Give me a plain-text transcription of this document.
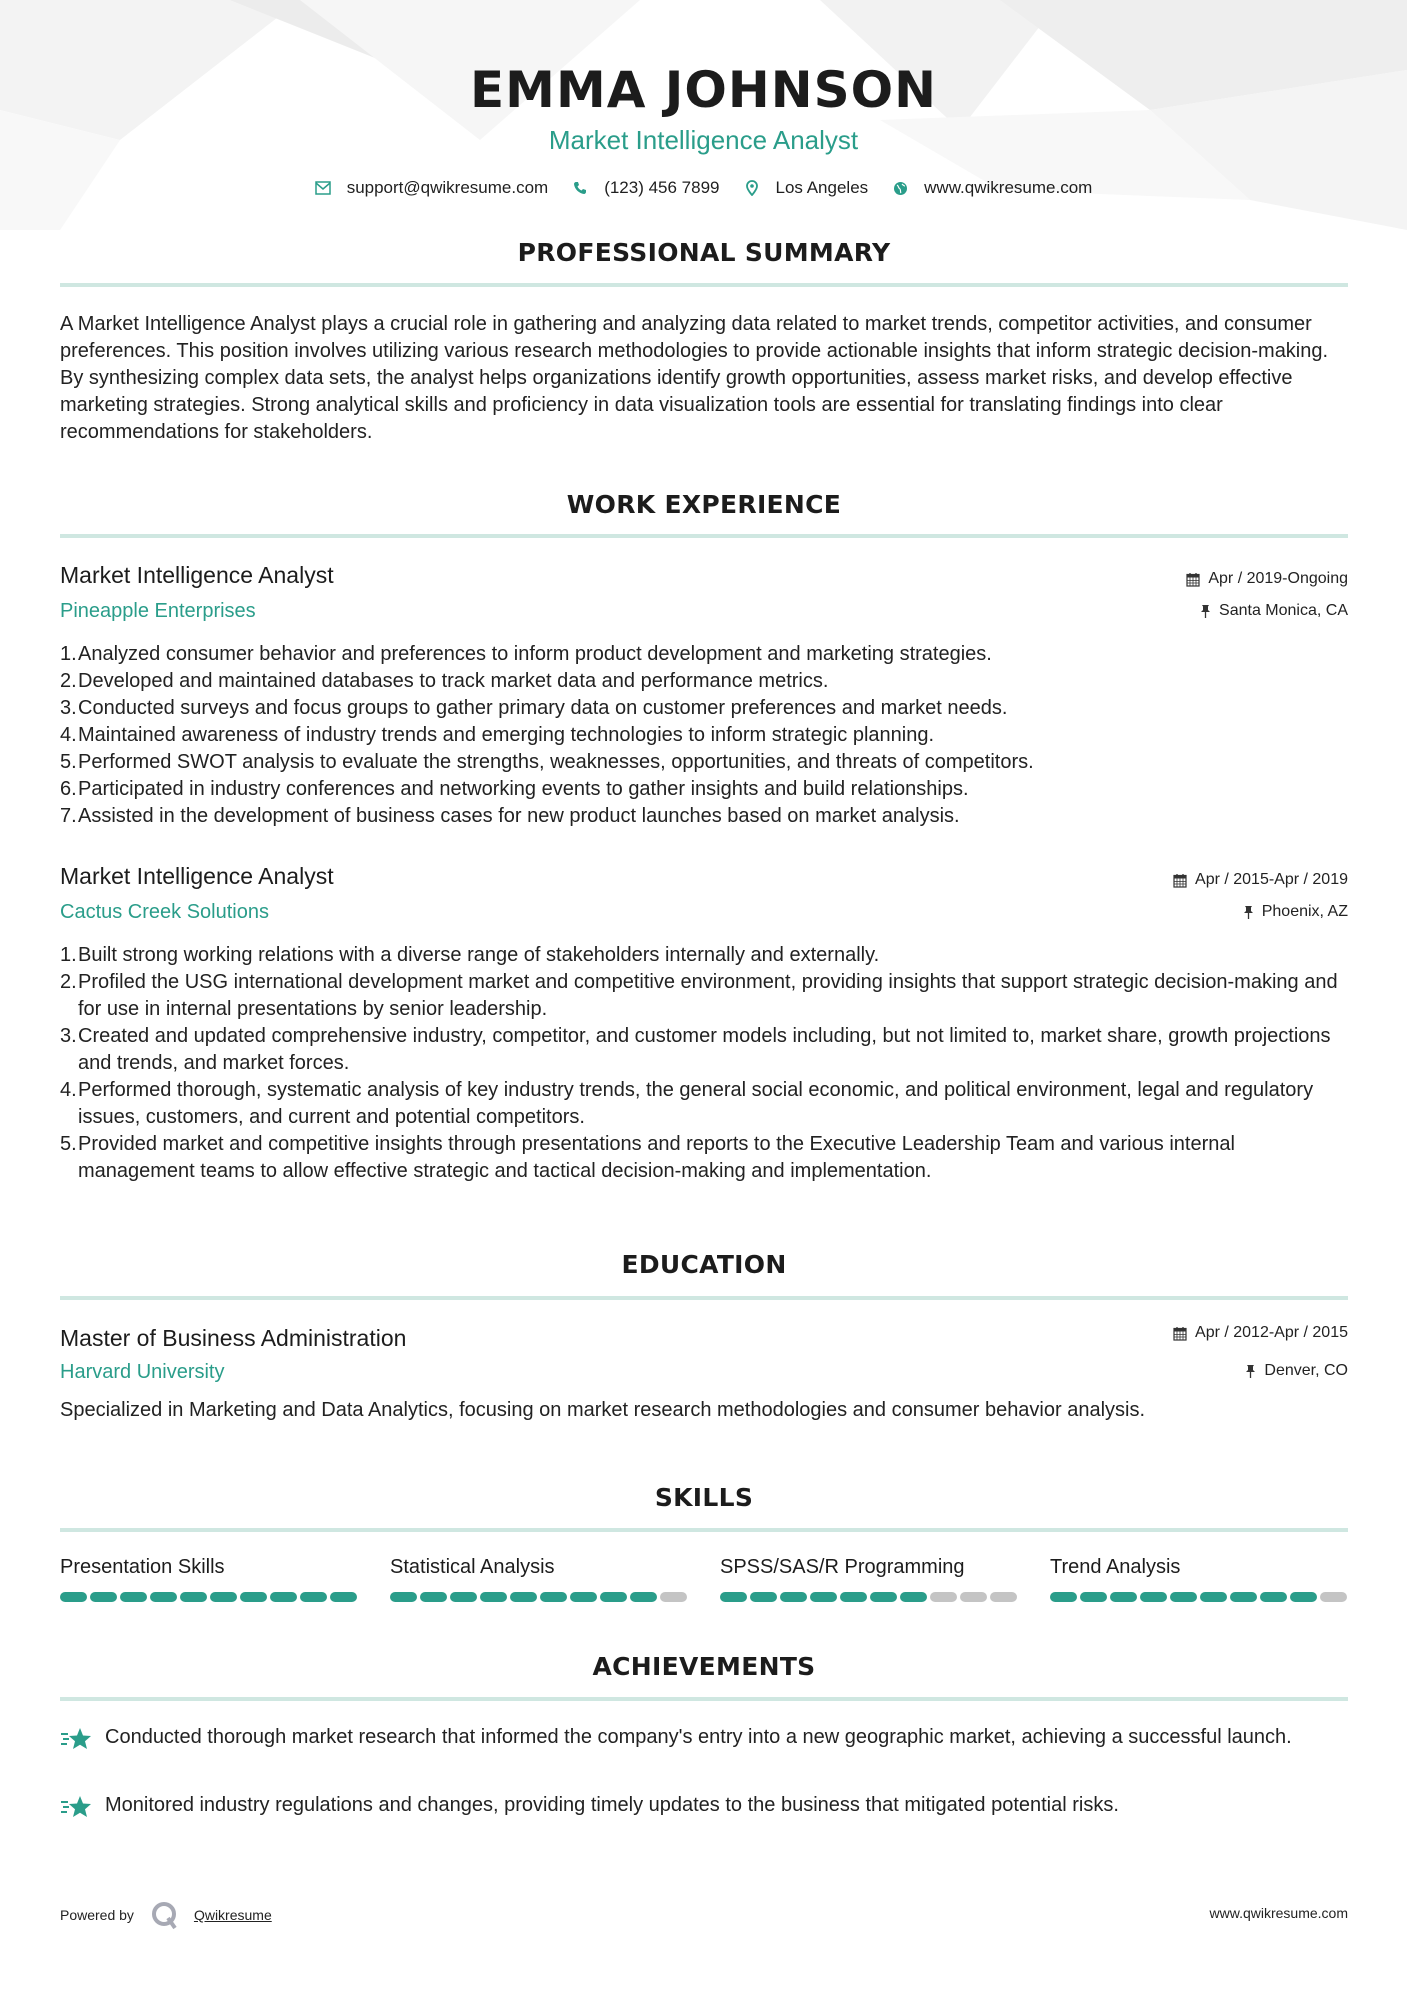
EMMA JOHNSON
Market Intelligence Analyst
support@qwikresume.com	(123) 456 7899	Los Angeles	www.qwikresume.com
PROFESSIONAL SUMMARY
A Market Intelligence Analyst plays a crucial role in gathering and analyzing data related to market trends, competitor activities, and consumer preferences. This position involves utilizing various research methodologies to provide actionable insights that inform strategic decision-making. By synthesizing complex data sets, the analyst helps organizations identify growth opportunities, assess market risks, and develop effective marketing strategies. Strong analytical skills and proficiency in data visualization tools are essential for translating findings into clear recommendations for stakeholders.
WORK EXPERIENCE
Market Intelligence Analyst	Apr / 2019-Ongoing
Pineapple Enterprises	Santa Monica, CA
1. Analyzed consumer behavior and preferences to inform product development and marketing strategies.
2. Developed and maintained databases to track market data and performance metrics.
3. Conducted surveys and focus groups to gather primary data on customer preferences and market needs.
4. Maintained awareness of industry trends and emerging technologies to inform strategic planning.
5. Performed SWOT analysis to evaluate the strengths, weaknesses, opportunities, and threats of competitors.
6. Participated in industry conferences and networking events to gather insights and build relationships.
7. Assisted in the development of business cases for new product launches based on market analysis.
Market Intelligence Analyst	Apr / 2015-Apr / 2019
Cactus Creek Solutions	Phoenix, AZ
1. Built strong working relations with a diverse range of stakeholders internally and externally.
2. Profiled the USG international development market and competitive environment, providing insights that support strategic decision-making and for use in internal presentations by senior leadership.
3. Created and updated comprehensive industry, competitor, and customer models including, but not limited to, market share, growth projections and trends, and market forces.
4. Performed thorough, systematic analysis of key industry trends, the general social economic, and political environment, legal and regulatory issues, customers, and current and potential competitors.
5. Provided market and competitive insights through presentations and reports to the Executive Leadership Team and various internal management teams to allow effective strategic and tactical decision-making and implementation.
EDUCATION
Master of Business Administration	Apr / 2012-Apr / 2015
Harvard University	Denver, CO
Specialized in Marketing and Data Analytics, focusing on market research methodologies and consumer behavior analysis.
SKILLS
Presentation Skills	Statistical Analysis	SPSS/SAS/R Programming	Trend Analysis
ACHIEVEMENTS
Conducted thorough market research that informed the company's entry into a new geographic market, achieving a successful launch.
Monitored industry regulations and changes, providing timely updates to the business that mitigated potential risks.
Powered by	Qwikresume	www.qwikresume.com
